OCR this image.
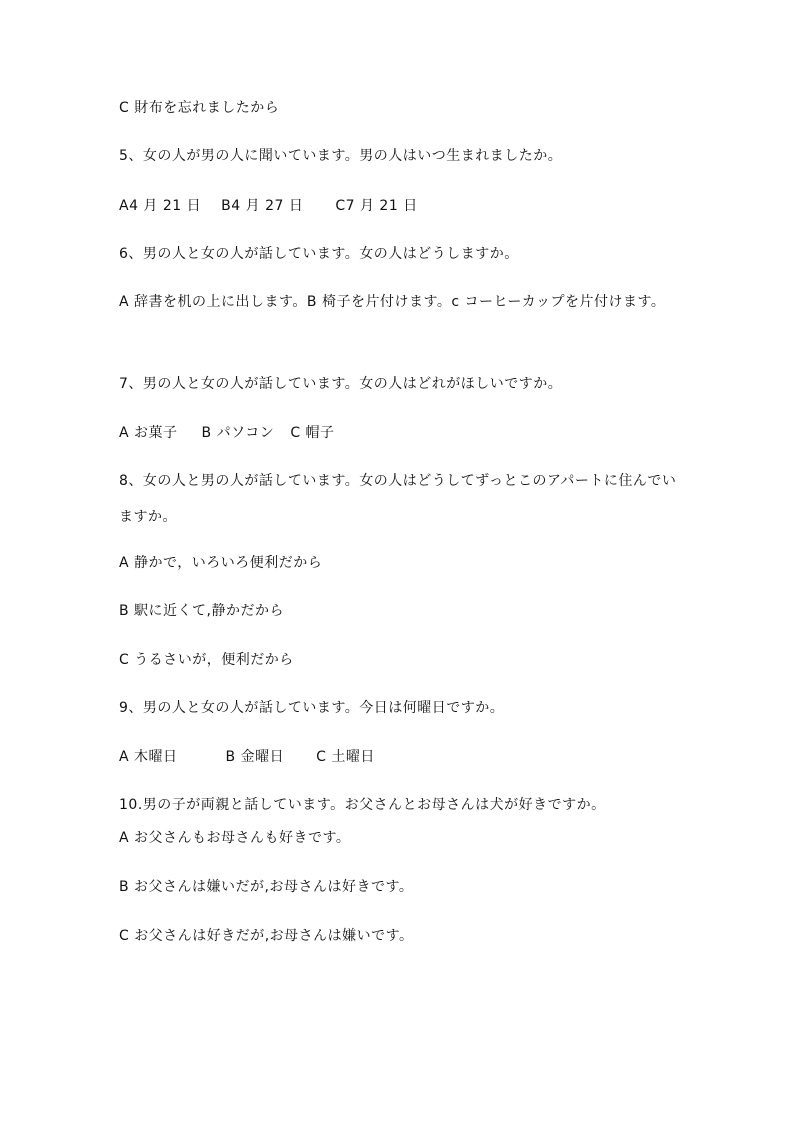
C 財布を忘れましたから
5、女の人が男の人に聞いています。男の人はいつ生まれましたか。
A4 月 21 日 B4 月 27 日 C7 月 21 日
6、男の人と女の人が話しています。女の人はどうしますか。
A 辞書を机の上に出します。B 椅子を片付けます。c コーヒーカップを片付けます。
7、男の人と女の人が話しています。女の人はどれがほしいですか。
A お菓子 B パソコン C 帽子
8、女の人と男の人が話しています。女の人はどうしてずっとこのアパートに住んでいますか。
A 静かで，いろいろ便利だから
B 駅に近くて,静かだから
C うるさいが，便利だから
9、男の人と女の人が話しています。今日は何曜日ですか。
A 木曜日	B 金曜日 C 土曜日
10.男の子が両親と話しています。お父さんとお母さんは犬が好きですか。
A お父さんもお母さんも好きです。
B お父さんは嫌いだが,お母さんは好きです。
C お父さんは好きだが,お母さんは嫌いです。
